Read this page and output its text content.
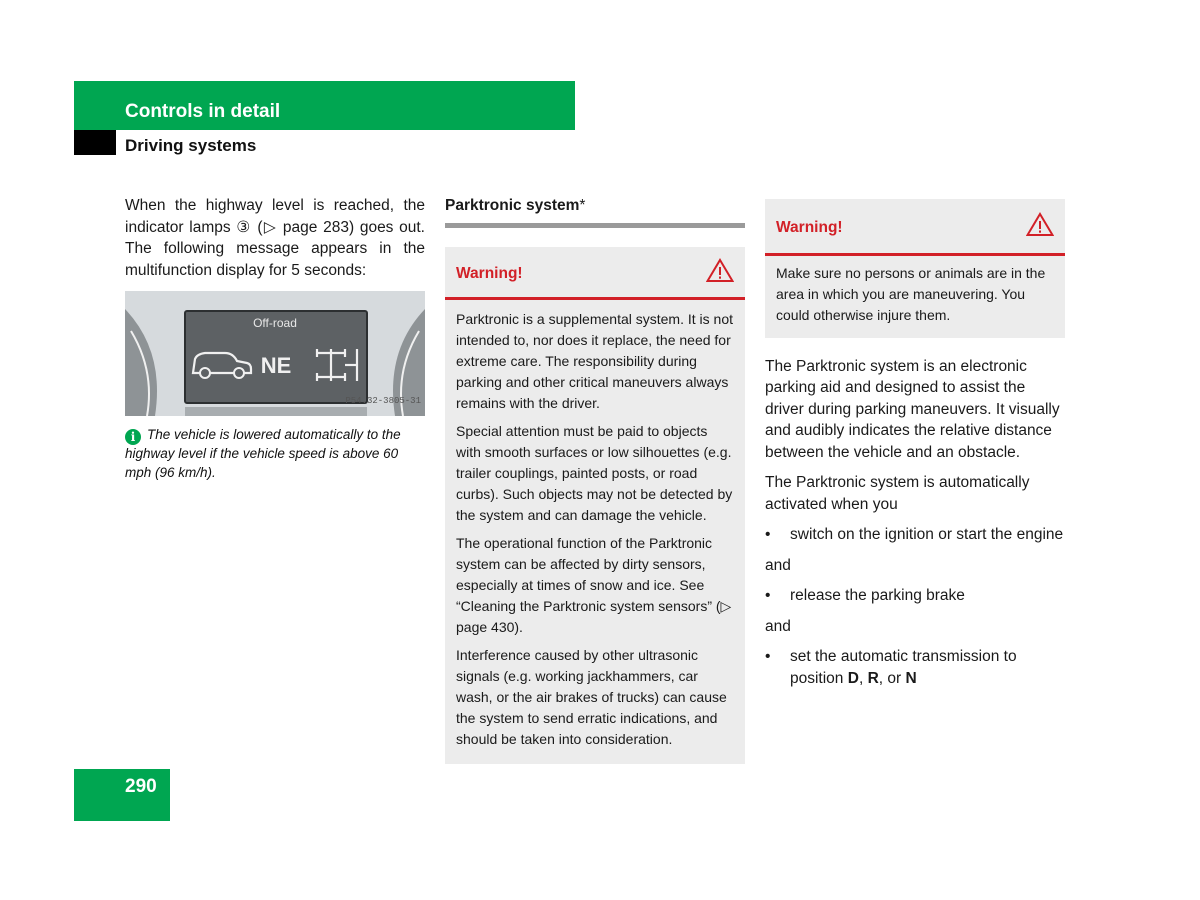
Controls in detail
Driving systems

When the highway level is reached, the indicator lamps ③ (▷ page 283) goes out. The following message appears in the multifunction display for 5 seconds:

Off-road
NE
P54.32-3805-31
i The vehicle is lowered automatically to the highway level if the vehicle speed is above 60 mph (96 km/h).
Parktronic system*
Warning!

Parktronic is a supplemental system. It is not intended to, nor does it replace, the need for extreme care. The responsibility during parking and other critical maneuvers always remains with the driver.

Special attention must be paid to objects with smooth surfaces or low silhouettes (e.g. trailer couplings, painted posts, or road curbs). Such objects may not be detected by the system and can damage the vehicle.

The operational function of the Parktronic system can be affected by dirty sensors, especially at times of snow and ice. See “Cleaning the Parktronic system sensors” (▷ page 430).

Interference caused by other ultrasonic signals (e.g. working jackhammers, car wash, or the air brakes of trucks) can cause the system to send erratic indications, and should be taken into consideration.

Warning!

Make sure no persons or animals are in the area in which you are maneuvering. You could otherwise injure them.

The Parktronic system is an electronic parking aid and designed to assist the driver during parking maneuvers. It visually and audibly indicates the relative distance between the vehicle and an obstacle.

The Parktronic system is automatically activated when you

•	switch on the ignition or start the engine

and

•	release the parking brake

and

•	set the automatic transmission to position D, R, or N
290
